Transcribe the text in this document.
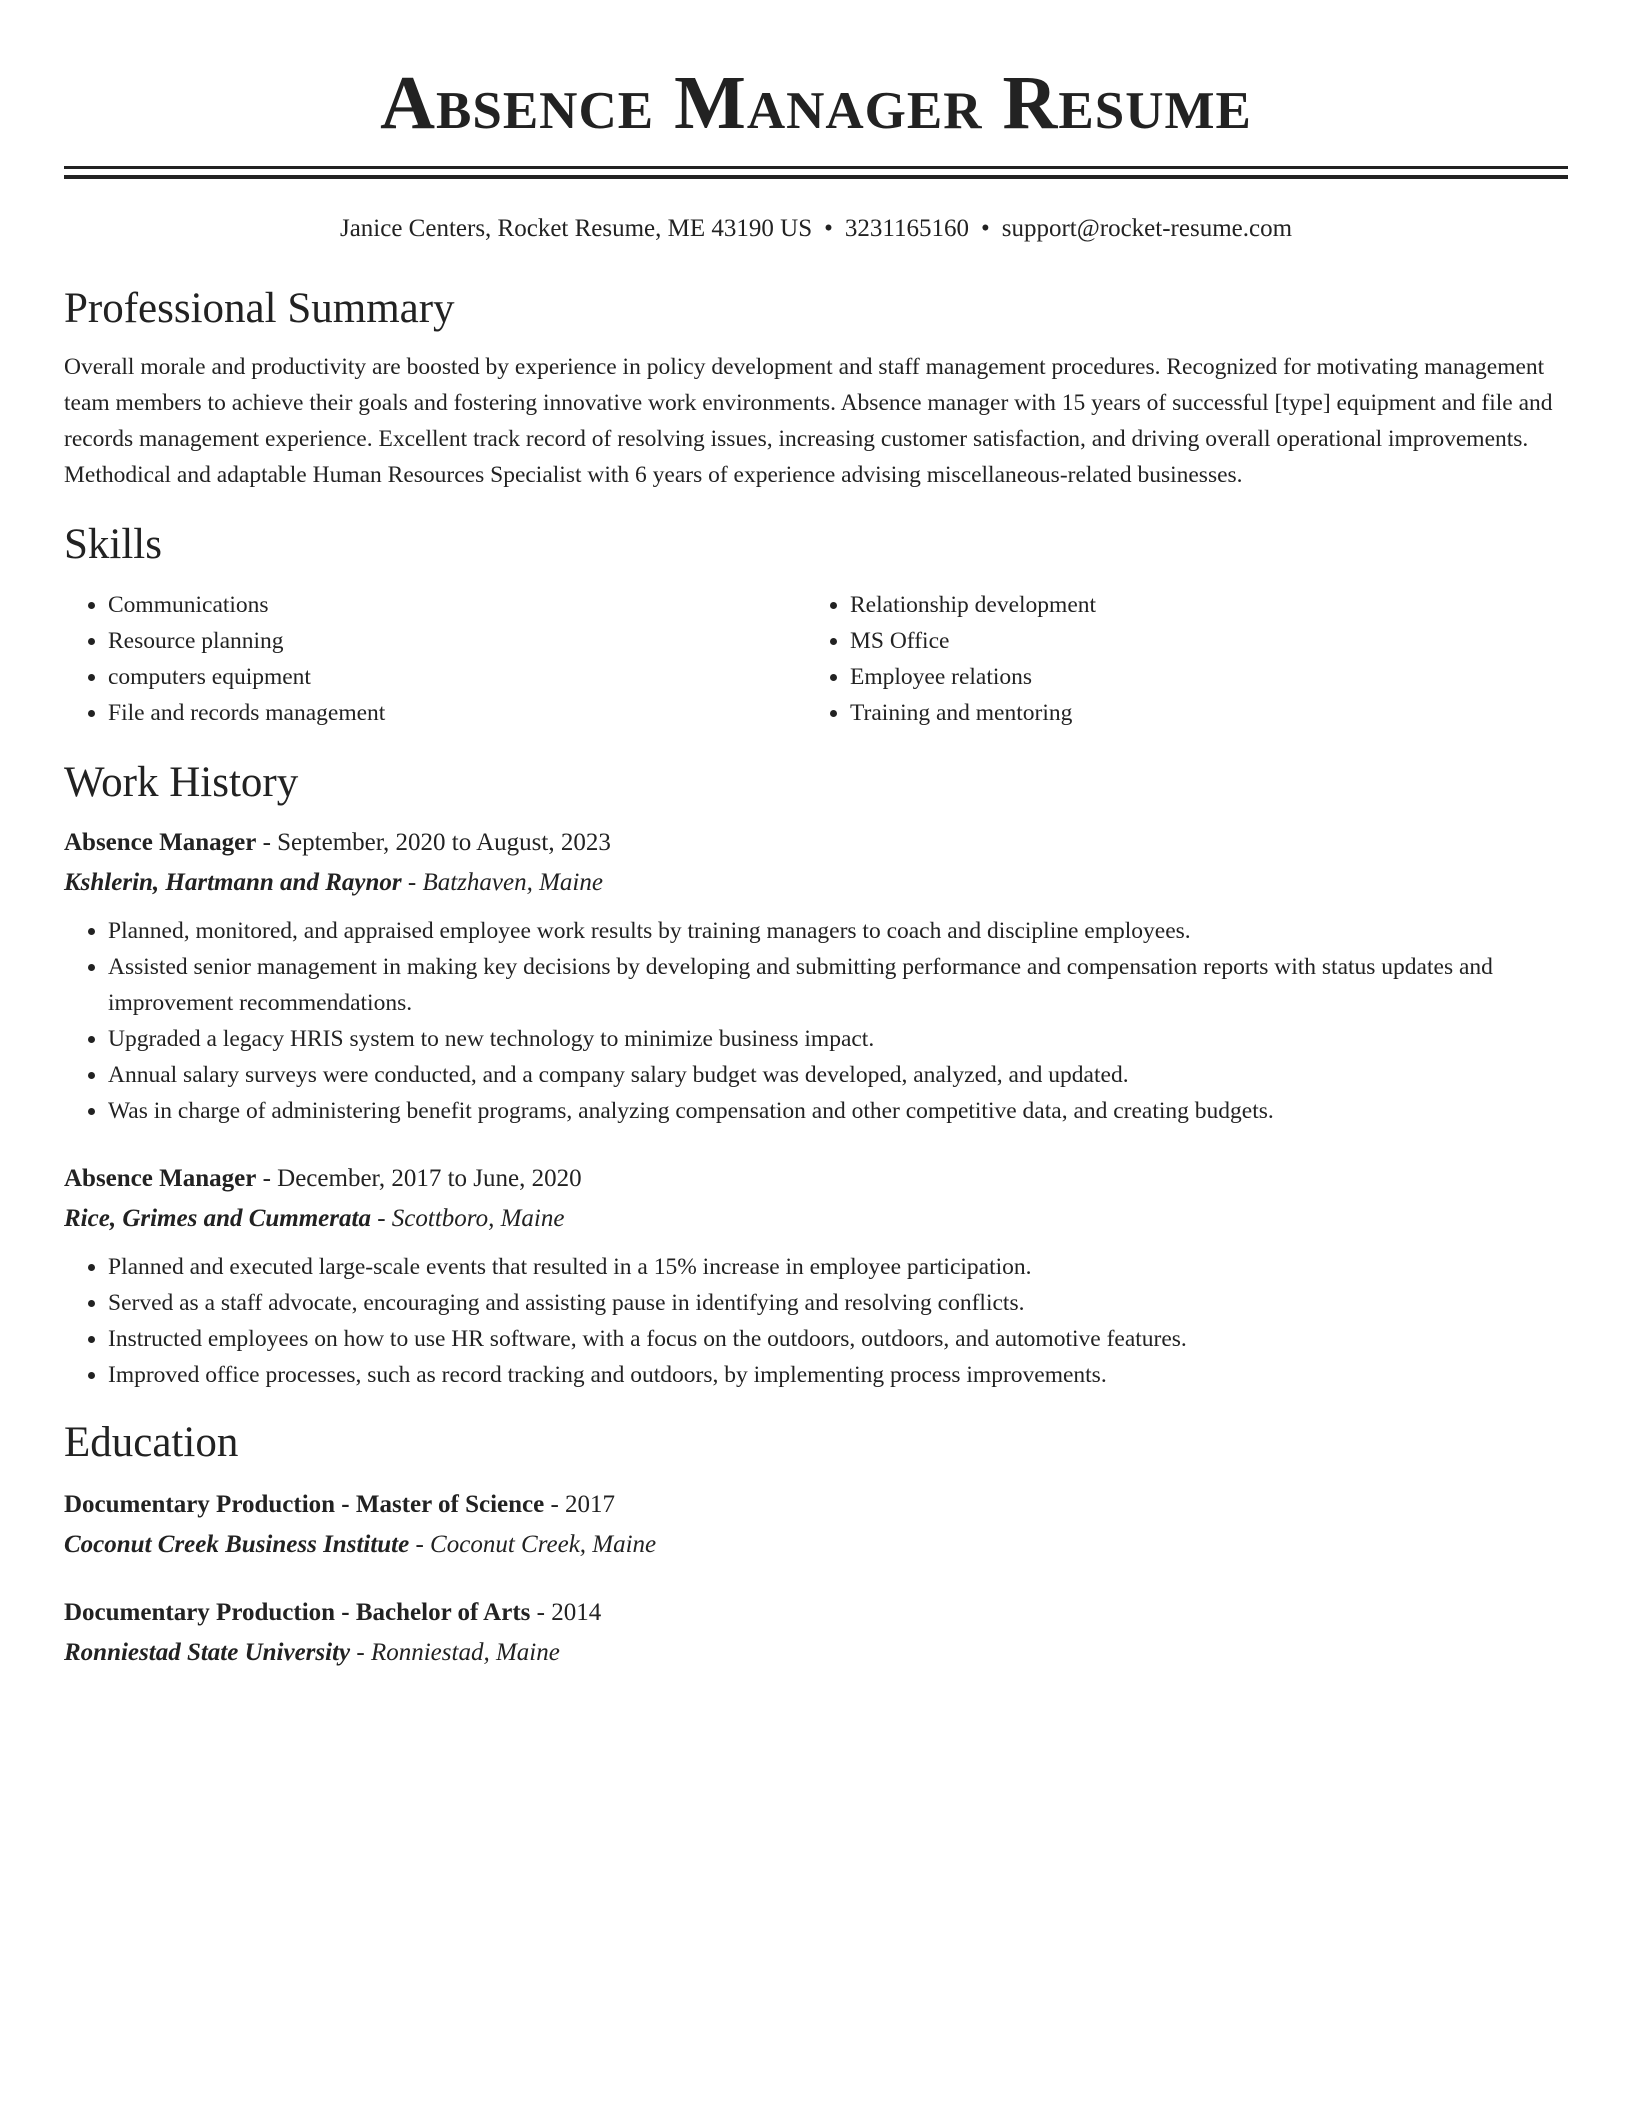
Absence Manager Resume
Janice Centers, Rocket Resume, ME 43190 US • 3231165160 • support@rocket-resume.com
Professional Summary
Overall morale and productivity are boosted by experience in policy development and staff management procedures. Recognized for motivating management team members to achieve their goals and fostering innovative work environments. Absence manager with 15 years of successful [type] equipment and file and records management experience. Excellent track record of resolving issues, increasing customer satisfaction, and driving overall operational improvements. Methodical and adaptable Human Resources Specialist with 6 years of experience advising miscellaneous-related businesses.
Skills
• Communications
• Resource planning
• computers equipment
• File and records management
• Relationship development
• MS Office
• Employee relations
• Training and mentoring
Work History
Absence Manager - September, 2020 to August, 2023
Kshlerin, Hartmann and Raynor - Batzhaven, Maine
• Planned, monitored, and appraised employee work results by training managers to coach and discipline employees.
• Assisted senior management in making key decisions by developing and submitting performance and compensation reports with status updates and improvement recommendations.
• Upgraded a legacy HRIS system to new technology to minimize business impact.
• Annual salary surveys were conducted, and a company salary budget was developed, analyzed, and updated.
• Was in charge of administering benefit programs, analyzing compensation and other competitive data, and creating budgets.
Absence Manager - December, 2017 to June, 2020
Rice, Grimes and Cummerata - Scottboro, Maine
• Planned and executed large-scale events that resulted in a 15% increase in employee participation.
• Served as a staff advocate, encouraging and assisting pause in identifying and resolving conflicts.
• Instructed employees on how to use HR software, with a focus on the outdoors, outdoors, and automotive features.
• Improved office processes, such as record tracking and outdoors, by implementing process improvements.
Education
Documentary Production - Master of Science - 2017
Coconut Creek Business Institute - Coconut Creek, Maine
Documentary Production - Bachelor of Arts - 2014
Ronniestad State University - Ronniestad, Maine
